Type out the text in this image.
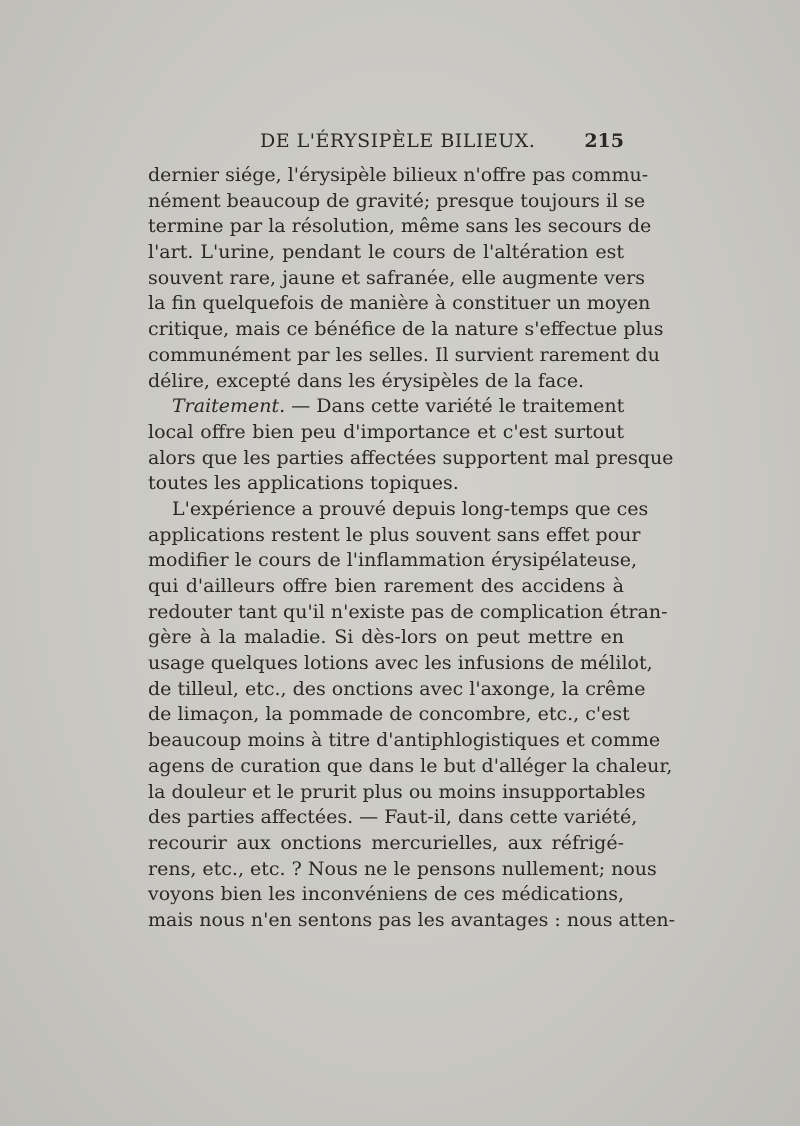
DE L'ÉRYSIPÈLE BILIEUX.	215
dernier siége, l'érysipèle bilieux n'offre pas commu-
nément beaucoup de gravité; presque toujours il se
termine par la résolution, même sans les secours de
l'art. L'urine, pendant le cours de l'altération est
souvent rare, jaune et safranée, elle augmente vers
la fin quelquefois de manière à constituer un moyen
critique, mais ce bénéfice de la nature s'effectue plus
communément par les selles. Il survient rarement du
délire, excepté dans les érysipèles de la face.
Traitement. — Dans cette variété le traitement
local offre bien peu d'importance et c'est surtout
alors que les parties affectées supportent mal presque
toutes les applications topiques.
L'expérience a prouvé depuis long-temps que ces
applications restent le plus souvent sans effet pour
modifier le cours de l'inflammation érysipélateuse,
qui d'ailleurs offre bien rarement des accidens à
redouter tant qu'il n'existe pas de complication étran-
gère à la maladie. Si dès-lors on peut mettre en
usage quelques lotions avec les infusions de mélilot,
de tilleul, etc., des onctions avec l'axonge, la crême
de limaçon, la pommade de concombre, etc., c'est
beaucoup moins à titre d'antiphlogistiques et comme
agens de curation que dans le but d'alléger la chaleur,
la douleur et le prurit plus ou moins insupportables
des parties affectées. — Faut-il, dans cette variété,
recourir aux onctions mercurielles, aux réfrigé-
rens, etc., etc. ? Nous ne le pensons nullement; nous
voyons bien les inconvéniens de ces médications,
mais nous n'en sentons pas les avantages : nous atten-
